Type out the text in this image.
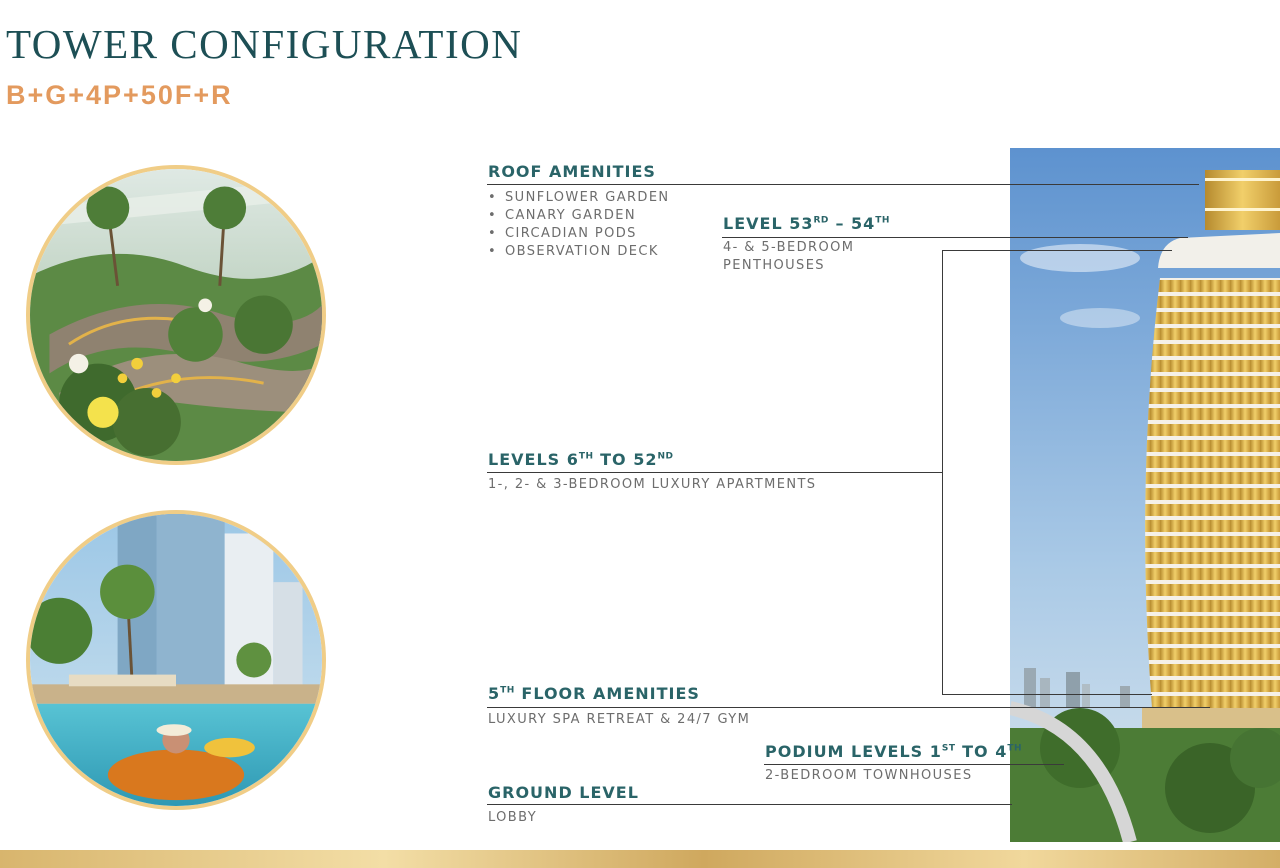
TOWER CONFIGURATION
B+G+4P+50F+R
ROOF AMENITIES
• SUNFLOWER GARDEN
• CANARY GARDEN
• CIRCADIAN PODS
• OBSERVATION DECK
LEVEL 53RD – 54TH
4- & 5-BEDROOM
PENTHOUSES
LEVELS 6TH TO 52ND
1-, 2- & 3-BEDROOM LUXURY APARTMENTS
5TH FLOOR AMENITIES
LUXURY SPA RETREAT & 24/7 GYM
PODIUM LEVELS 1ST TO 4TH
2-BEDROOM TOWNHOUSES
GROUND LEVEL
LOBBY
